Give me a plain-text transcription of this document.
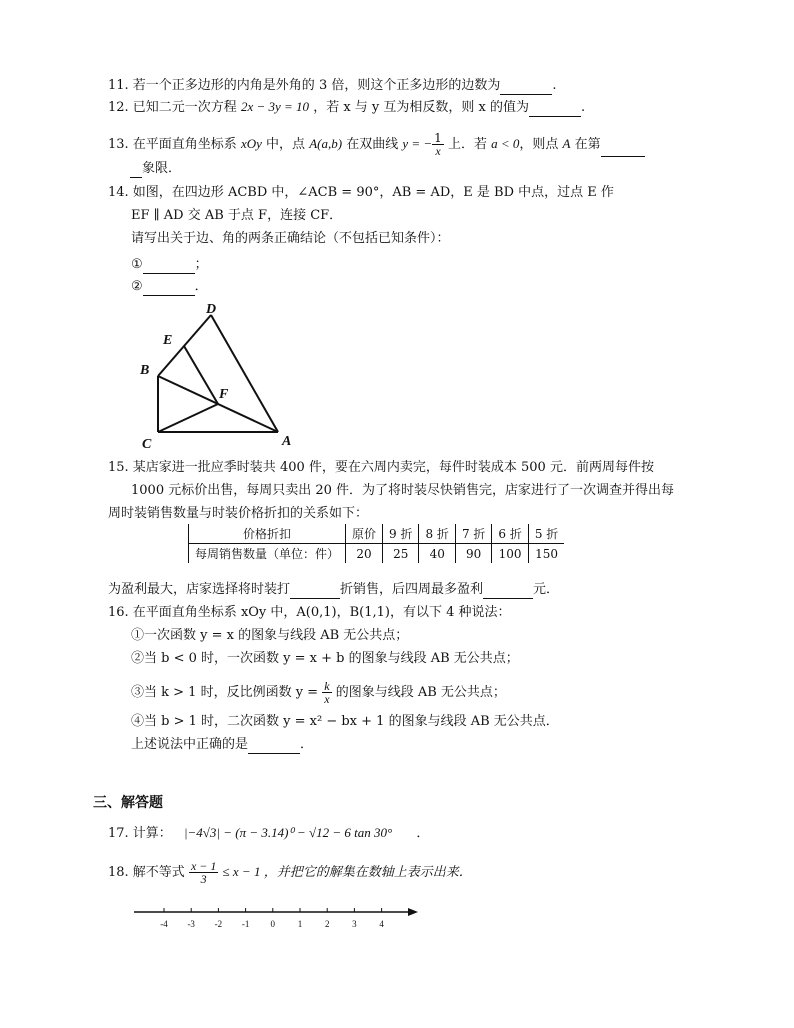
11. 若一个正多边形的内角是外角的 3 倍，则这个正多边形的边数为	.
12. 已知二元一次方程 2x − 3y = 10 ，若 x 与 y 互为相反数，则 x 的值为	.
13. 在平面直角坐标系 xOy 中，点 A(a,b) 在双曲线 y = − $\frac{1}{x}$ 上．若 a < 0，则点 A 在第
象限．
14. 如图，在四边形 ACBD 中，∠ACB = 90°，AB = AD，E 是 BD 中点，过点 E 作
EF ∥ AD 交 AB 于点 F，连接 CF．
请写出关于边、角的两条正确结论（不包括已知条件）：
①	；
②	．
D
E
B
F
C	A
15. 某店家进一批应季时装共 400 件，要在六周内卖完，每件时装成本 500 元．前两周每件按
1000 元标价出售，每周只卖出 20 件．为了将时装尽快销售完，店家进行了一次调查并得出每
周时装销售数量与时装价格折扣的关系如下：
价格折扣	原价	9 折	8 折	7 折	6 折	5 折
每周销售数量（单位：件）	20	25	40	90	100	150
为盈利最大，店家选择将时装打	折销售，后四周最多盈利	元．
16. 在平面直角坐标系 xOy 中，A(0,1)，B(1,1)，有以下 4 种说法：
①一次函数 y = x 的图象与线段 AB 无公共点；
②当 b < 0 时，一次函数 y = x + b 的图象与线段 AB 无公共点；
③当 k > 1 时，反比例函数 $y = \frac{k}{x}$ 的图象与线段 AB 无公共点；
④当 b > 1 时，二次函数 y = x² − bx + 1 的图象与线段 AB 无公共点．
上述说法中正确的是	．
三、解答题
17. 计算： |−4√3| − (π − 3.14)⁰ − √12 − 6 tan 30° ．
18. 解不等式 $\frac{x - 1}{3} \le x - 1$ ，并把它的解集在数轴上表示出来．
-4 -3 -2 -1 0	1	2	3	4
